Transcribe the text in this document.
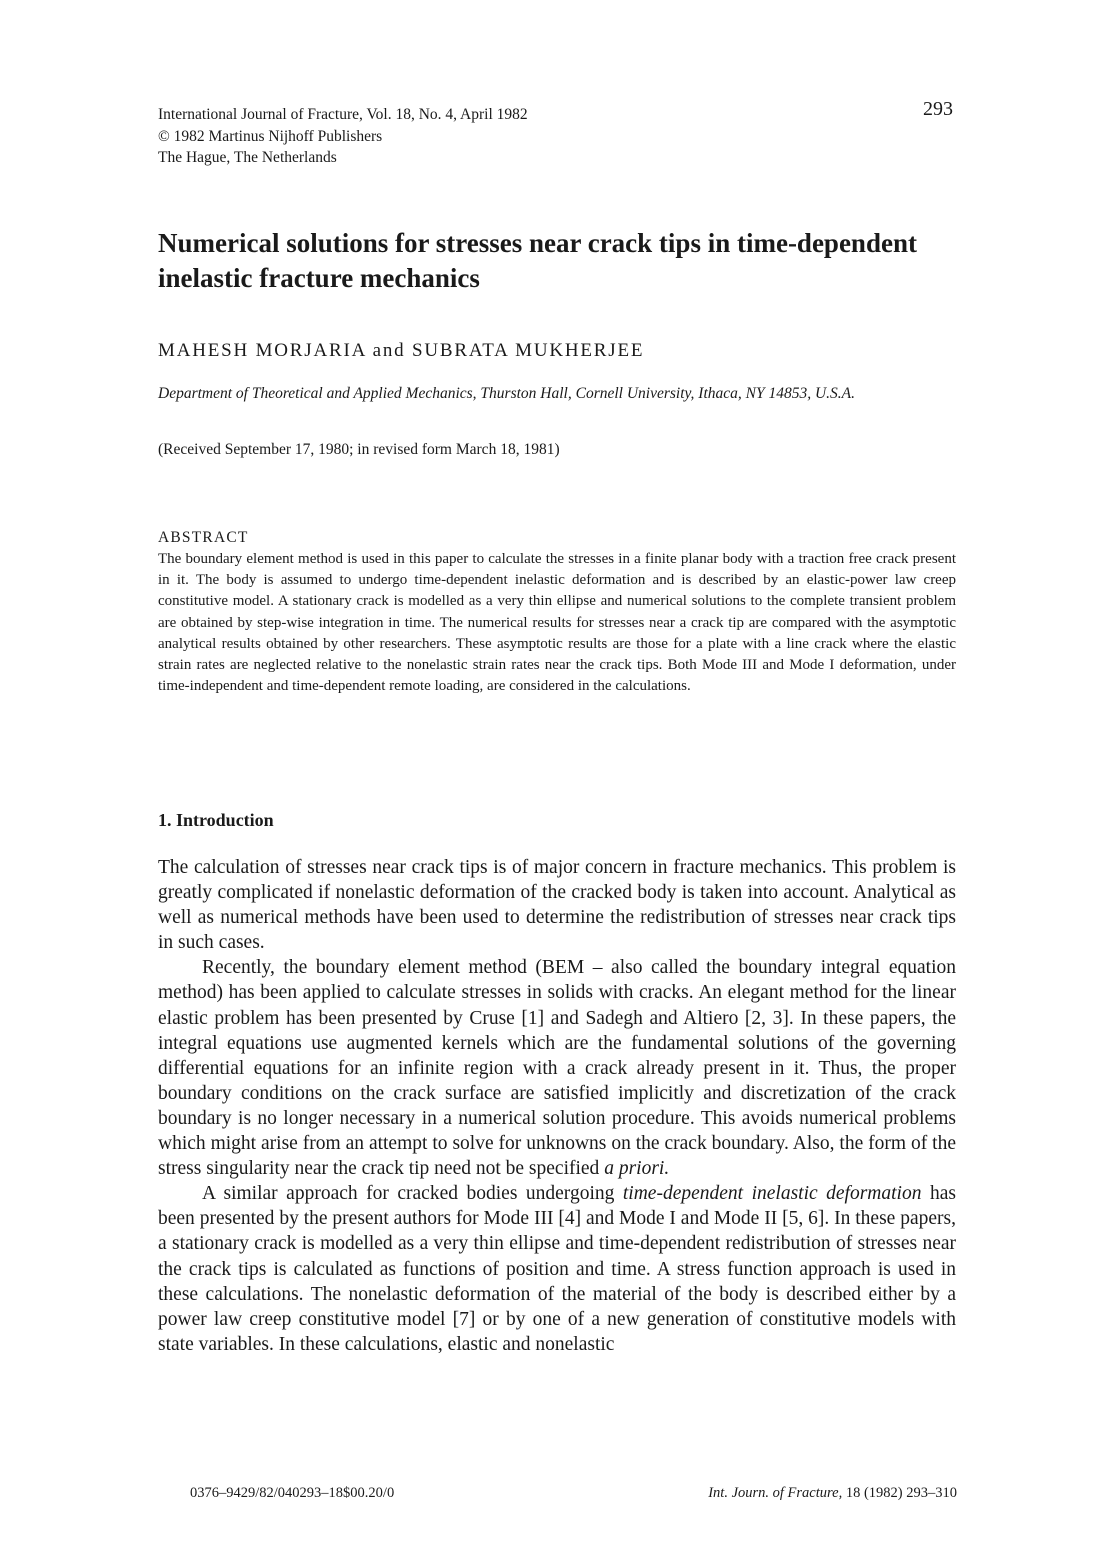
International Journal of Fracture, Vol. 18, No. 4, April 1982
© 1982 Martinus Nijhoff Publishers
The Hague, The Netherlands
293
Numerical solutions for stresses near crack tips in time-dependent inelastic fracture mechanics
MAHESH MORJARIA and SUBRATA MUKHERJEE
Department of Theoretical and Applied Mechanics, Thurston Hall, Cornell University, Ithaca, NY 14853, U.S.A.
(Received September 17, 1980; in revised form March 18, 1981)
ABSTRACT
The boundary element method is used in this paper to calculate the stresses in a finite planar body with a traction free crack present in it. The body is assumed to undergo time-dependent inelastic deformation and is described by an elastic-power law creep constitutive model. A stationary crack is modelled as a very thin ellipse and numerical solutions to the complete transient problem are obtained by step-wise integration in time. The numerical results for stresses near a crack tip are compared with the asymptotic analytical results obtained by other researchers. These asymptotic results are those for a plate with a line crack where the elastic strain rates are neglected relative to the nonelastic strain rates near the crack tips. Both Mode III and Mode I deformation, under time-independent and time-dependent remote loading, are considered in the calculations.
1. Introduction

The calculation of stresses near crack tips is of major concern in fracture mechanics. This problem is greatly complicated if nonelastic deformation of the cracked body is taken into account. Analytical as well as numerical methods have been used to determine the redistribution of stresses near crack tips in such cases.

Recently, the boundary element method (BEM – also called the boundary integral equation method) has been applied to calculate stresses in solids with cracks. An elegant method for the linear elastic problem has been presented by Cruse [1] and Sadegh and Altiero [2, 3]. In these papers, the integral equations use augmented kernels which are the fundamental solutions of the governing differential equations for an infinite region with a crack already present in it. Thus, the proper boundary conditions on the crack surface are satisfied implicitly and discretization of the crack boundary is no longer necessary in a numerical solution procedure. This avoids numerical problems which might arise from an attempt to solve for unknowns on the crack boundary. Also, the form of the stress singularity near the crack tip need not be specified a priori.

A similar approach for cracked bodies undergoing time-dependent inelastic deformation has been presented by the present authors for Mode III [4] and Mode I and Mode II [5, 6]. In these papers, a stationary crack is modelled as a very thin ellipse and time-dependent redistribution of stresses near the crack tips is calculated as functions of position and time. A stress function approach is used in these calculations. The nonelastic deformation of the material of the body is described either by a power law creep constitutive model [7] or by one of a new generation of constitutive models with state variables. In these calculations, elastic and nonelastic

0376–9429/82/040293–18$00.20/0	Int. Journ. of Fracture, 18 (1982) 293–310
